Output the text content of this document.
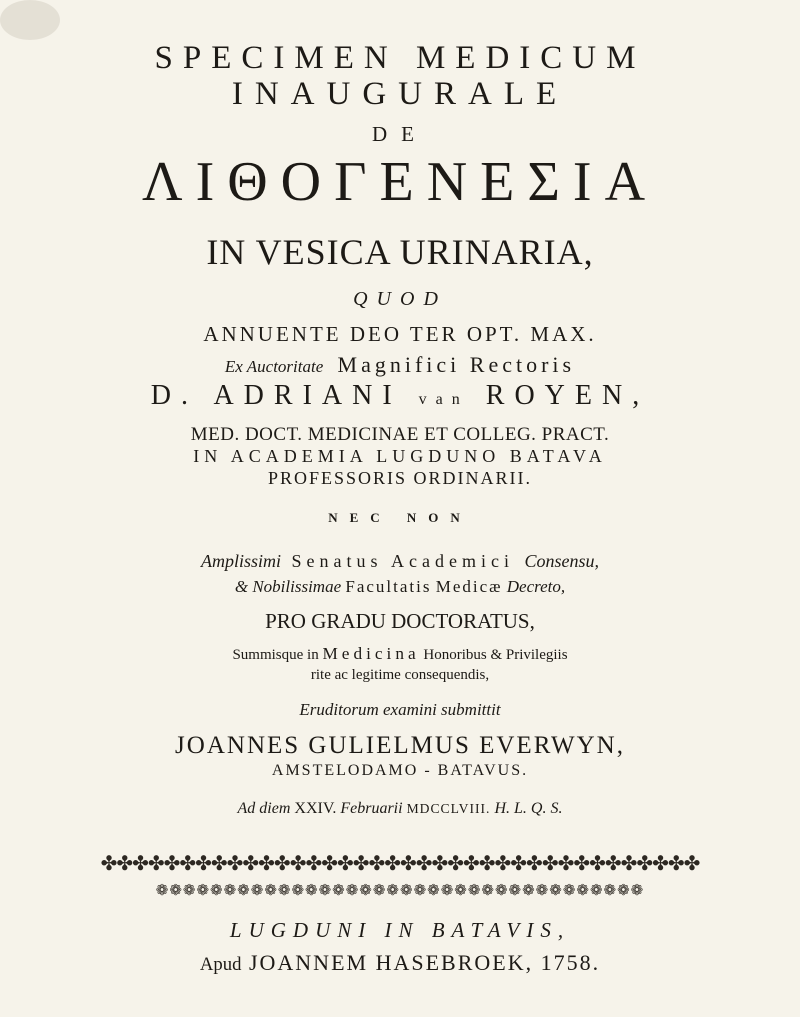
SPECIMEN MEDICUM
INAUGURALE
DE
ΛΙΘΟΓΕΝΕΣΙΑ
IN VESICA URINARIA,
QUOD
ANNUENTE DEO TER OPT. MAX.
Ex Auctoritate Magnifici Rectoris
D. ADRIANI van ROYEN,
MED. DOCT. MEDICINAE ET COLLEG. PRACT.
IN ACADEMIA LUGDUNO BATAVA
PROFESSORIS ORDINARII.
NEC NON
Amplissimi Senatus Academici Consensu,
& Nobilissimae Facultatis Medicæ Decreto,
PRO GRADU DOCTORATUS,
Summisque in Medicina Honoribus & Privilegiis
rite ac legitime consequendis,
Eruditorum examini submittit
JOANNES GULIELMUS EVERWYN,
AMSTELODAMO - BATAVUS.
Ad diem XXIV. Februarii MDCCLVIII. H. L. Q. S.
✤✤✤✤✤✤✤✤✤✤✤✤✤✤✤✤✤✤✤✤✤✤✤✤✤✤✤✤✤✤✤✤✤✤✤✤✤✤
❁❁❁❁❁❁❁❁❁❁❁❁❁❁❁❁❁❁❁❁❁❁❁❁❁❁❁❁❁❁❁❁❁❁❁❁
LUGDUNI IN BATAVIS,
Apud JOANNEM HASEBROEK, 1758.
